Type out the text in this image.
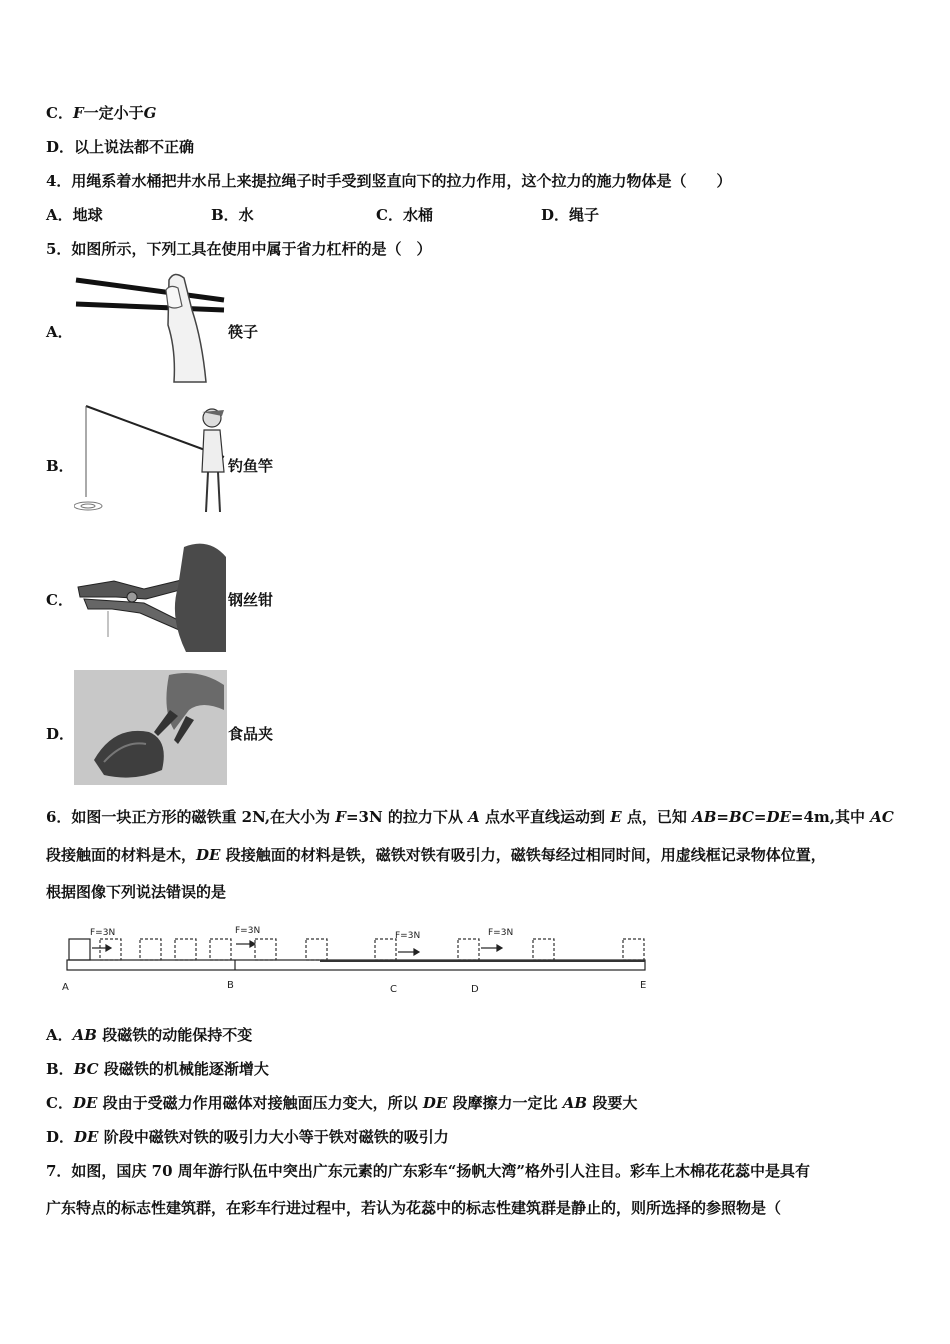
C．F一定小于G
D．以上说法都不正确
4．用绳系着水桶把井水吊上来提拉绳子时手受到竖直向下的拉力作用，这个拉力的施力物体是（　　）
A．地球	B．水	C．水桶	D．绳子
5．如图所示，下列工具在使用中属于省力杠杆的是（　）
A．	筷子
B．	钓鱼竿
C．	钢丝钳
D．	食品夹
6．如图一块正方形的磁铁重 2N,在大小为 F=3N 的拉力下从 A 点水平直线运动到 E 点，已知 AB=BC=DE=4m,其中 AC
段接触面的材料是木，DE 段接触面的材料是铁，磁铁对铁有吸引力，磁铁每经过相同时间，用虚线框记录物体位置，
根据图像下列说法错误的是
F=3N	F=3N	F=3N	F=3N
A	B	C	D	E
A．AB 段磁铁的动能保持不变
B．BC 段磁铁的机械能逐渐增大
C．DE 段由于受磁力作用磁体对接触面压力变大，所以 DE 段摩擦力一定比 AB 段要大
D．DE 阶段中磁铁对铁的吸引力大小等于铁对磁铁的吸引力
7．如图，国庆 70 周年游行队伍中突出广东元素的广东彩车“扬帆大湾”格外引人注目。彩车上木棉花花蕊中是具有
广东特点的标志性建筑群，在彩车行进过程中，若认为花蕊中的标志性建筑群是静止的，则所选择的参照物是（
